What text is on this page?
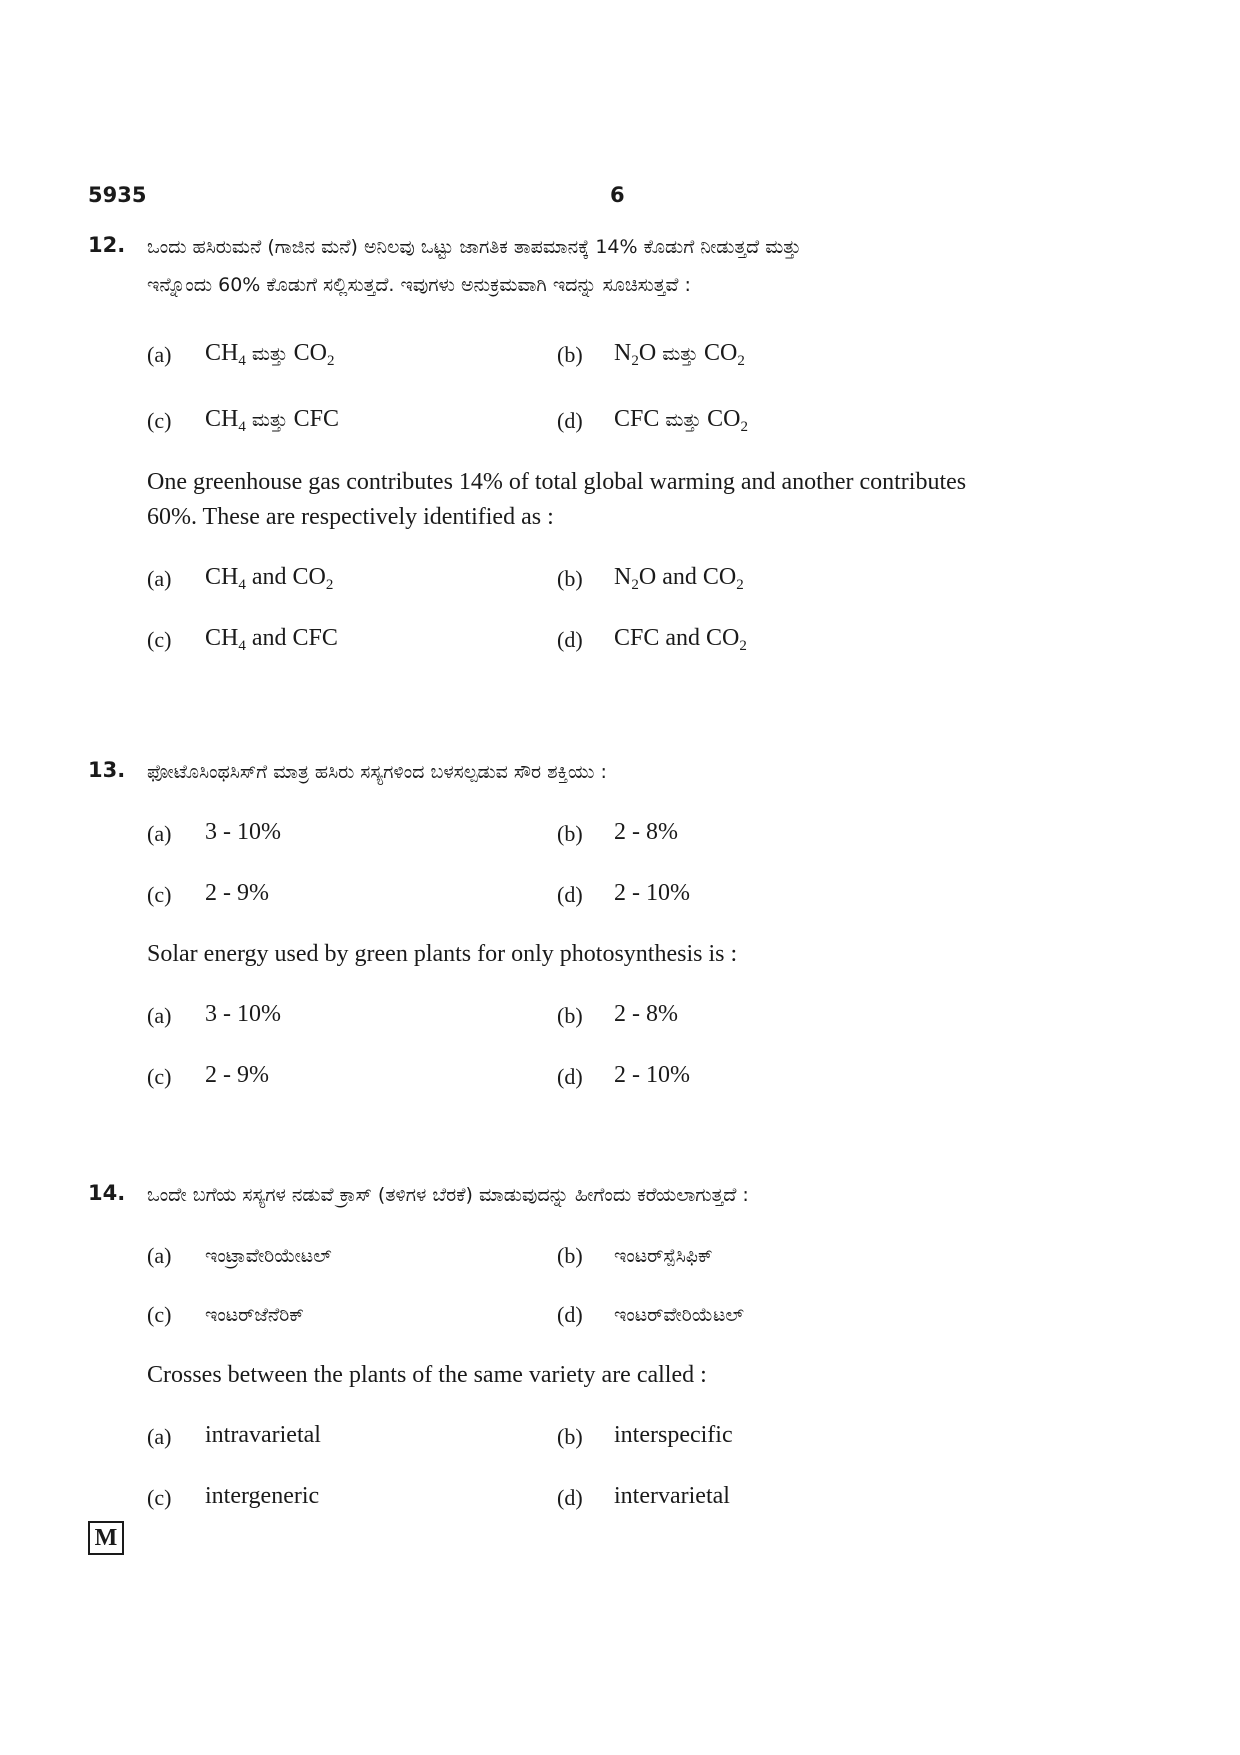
5935	6
12. ಒಂದು ಹಸಿರುಮನೆ (ಗಾಜಿನ ಮನೆ) ಅನಿಲವು ಒಟ್ಟು ಜಾಗತಿಕ ತಾಪಮಾನಕ್ಕೆ 14% ಕೊಡುಗೆ ನೀಡುತ್ತದೆ ಮತ್ತು
ಇನ್ನೊಂದು 60% ಕೊಡುಗೆ ಸಲ್ಲಿಸುತ್ತದೆ. ಇವುಗಳು ಅನುಕ್ರಮವಾಗಿ ಇದನ್ನು ಸೂಚಿಸುತ್ತವೆ :
(a) $CH_4$ ಮತ್ತು $CO_2$	(b) $N_2O$ ಮತ್ತು $CO_2$
(c) $CH_4$ ಮತ್ತು CFC	(d) CFC ಮತ್ತು $CO_2$
One greenhouse gas contributes 14% of total global warming and another contributes
60%. These are respectively identified as :
(a) $CH_4$ and $CO_2$	(b) $N_2O$ and $CO_2$
(c) $CH_4$ and CFC	(d) CFC and $CO_2$
13. ಫೋಟೊಸಿಂಥಸಿಸ್‌ಗೆ ಮಾತ್ರ ಹಸಿರು ಸಸ್ಯಗಳಿಂದ ಬಳಸಲ್ಪಡುವ ಸೌರ ಶಕ್ತಿಯು :
(a) 3 - 10%	(b) 2 - 8%
(c) 2 - 9%	(d) 2 - 10%
Solar energy used by green plants for only photosynthesis is :
(a) 3 - 10%	(b) 2 - 8%
(c) 2 - 9%	(d) 2 - 10%
14. ಒಂದೇ ಬಗೆಯ ಸಸ್ಯಗಳ ನಡುವೆ ಕ್ರಾಸ್ (ತಳಿಗಳ ಬೆರಕೆ) ಮಾಡುವುದನ್ನು ಹೀಗೆಂದು ಕರೆಯಲಾಗುತ್ತದೆ :
(a) ಇಂಟ್ರಾವೇರಿಯೇಟಲ್	(b) ಇಂಟರ್‌ಸ್ಪೆಸಿಫಿಕ್
(c) ಇಂಟರ್‌ಜೆನೆರಿಕ್	(d) ಇಂಟರ್‌ವೇರಿಯೆಟಲ್
Crosses between the plants of the same variety are called :
(a) intravarietal	(b) interspecific
(c) intergeneric	(d) intervarietal
M
